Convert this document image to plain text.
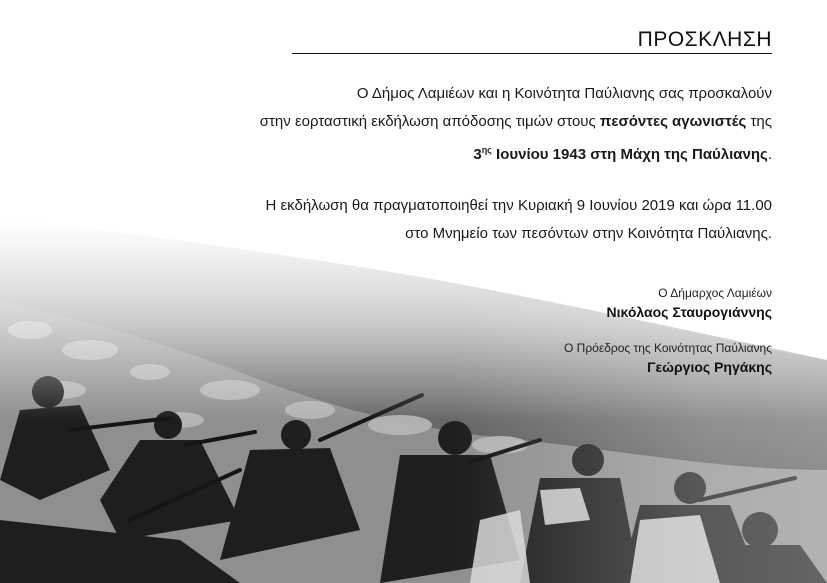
ΠΡΟΣΚΛΗΣΗ
Ο Δήμος Λαμιέων και η Κοινότητα Παύλιανης σας προσκαλούν
στην εορταστική εκδήλωση απόδοσης τιμών στους πεσόντες αγωνιστές της
$3^{\eta\varsigma}$ Ιουνίου 1943 στη Μάχη της Παύλιανης.
Η εκδήλωση θα πραγματοποιηθεί την Κυριακή 9 Ιουνίου 2019 και ώρα 11.00
στο Μνημείο των πεσόντων στην Κοινότητα Παύλιανης.
Ο Δήμαρχος Λαμιέων
Νικόλαος Σταυρογιάννης
Ο Πρόεδρος της Κοινότητας Παύλιανης
Γεώργιος Ρηγάκης
